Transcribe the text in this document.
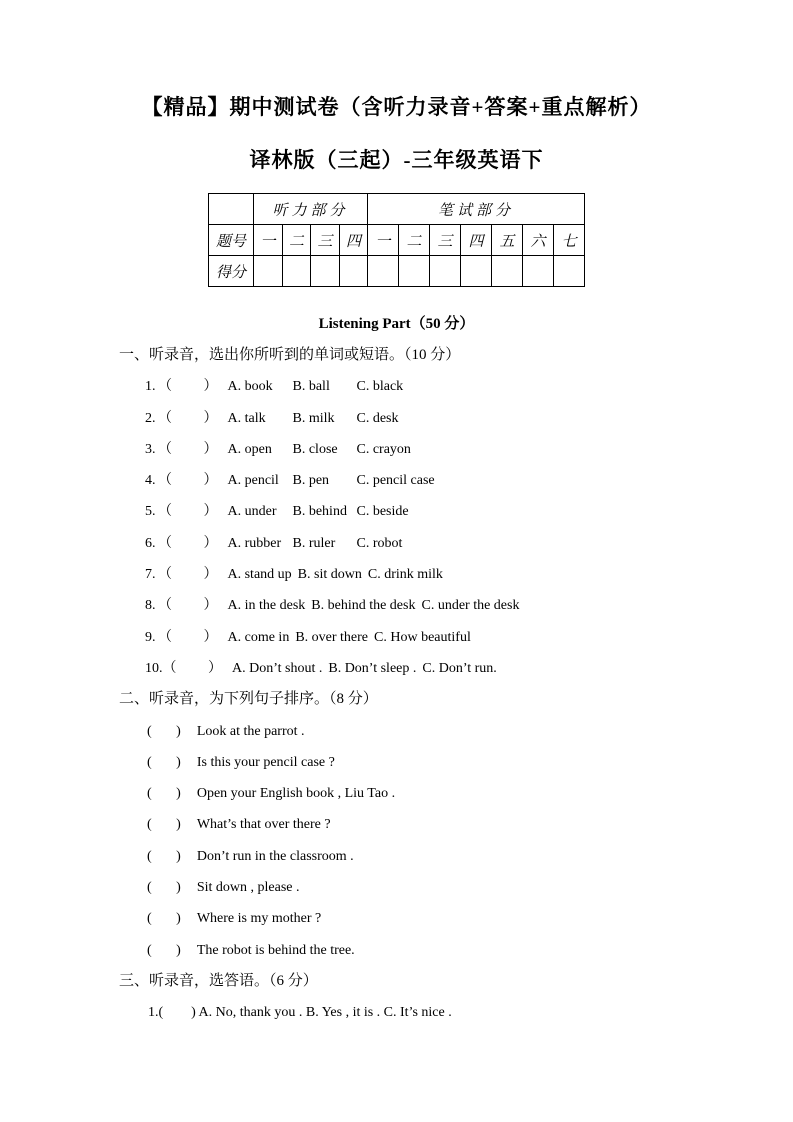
【精品】期中测试卷（含听力录音+答案+重点解析）
译林版（三起）-三年级英语下
	听力部分				笔试部分						
题号	一	二	三	四	一	二	三	四	五	六	七
得分											
Listening Part（50 分）

一、听录音，选出你所听到的单词或短语。（10 分）

1. （         ） A. book B. ball C. black

2. （         ） A. talk B. milk C. desk

3. （         ） A. open B. close C. crayon

4. （         ） A. pencil B. pen C. pencil case

5. （         ） A. under B. behind C. beside

6. （         ） A. rubber B. ruler C. robot

7. （         ） A. stand up B. sit down C. drink milk

8. （         ） A. in the desk B. behind the desk C. under the desk

9. （         ） A. come in B. over there C. How beautiful

10.（         ） A. Don’t shout . B. Don’t sleep . C. Don’t run.

二、听录音，为下列句子排序。（8 分）

(       ) Look at the parrot .

(       ) Is this your pencil case ?

(       ) Open your English book , Liu Tao .

(       ) What’s that over there ?

(       ) Don’t run in the classroom .

(       ) Sit down , please .

(       ) Where is my mother ?

(       ) The robot is behind the tree.

三、听录音，选答语。（6 分）

1.(        ) A. No, thank you . B. Yes , it is . C. It’s nice .
